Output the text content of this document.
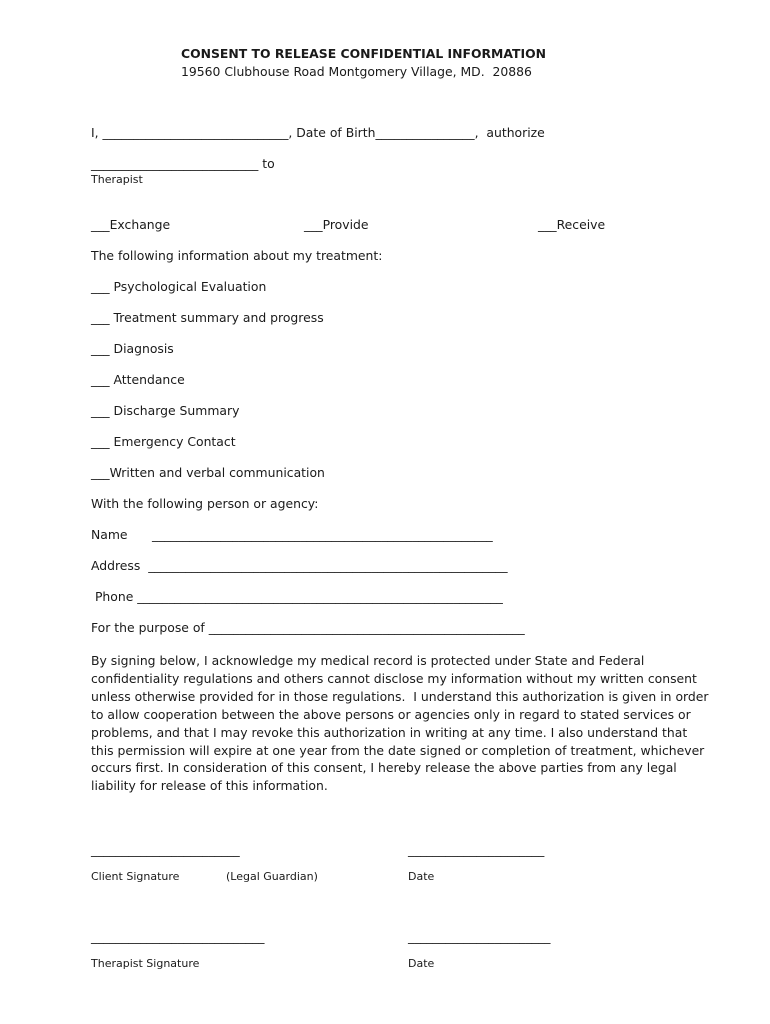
CONSENT TO RELEASE CONFIDENTIAL INFORMATION
19560 Clubhouse Road Montgomery Village, MD.  20886
I, ______________________________, Date of Birth________________,  authorize
___________________________ to
Therapist
___Exchange	___Provide	___Receive
The following information about my treatment:
___ Psychological Evaluation
___ Treatment summary and progress
___ Diagnosis
___ Attendance
___ Discharge Summary
___ Emergency Contact
___Written and verbal communication
With the following person or agency:
Name _______________________________________________________
Address  __________________________________________________________
Phone ___________________________________________________________
For the purpose of ___________________________________________________
By signing below, I acknowledge my medical record is protected under State and Federal
confidentiality regulations and others cannot disclose my information without my written consent
unless otherwise provided for in those regulations.  I understand this authorization is given in order
to allow cooperation between the above persons or agencies only in regard to stated services or
problems, and that I may revoke this authorization in writing at any time. I also understand that
this permission will expire at one year from the date signed or completion of treatment, whichever
occurs first. In consideration of this consent, I hereby release the above parties from any legal
liability for release of this information.
________________________	______________________
Client Signature	(Legal Guardian)	Date
____________________________	_______________________
Therapist Signature	Date
